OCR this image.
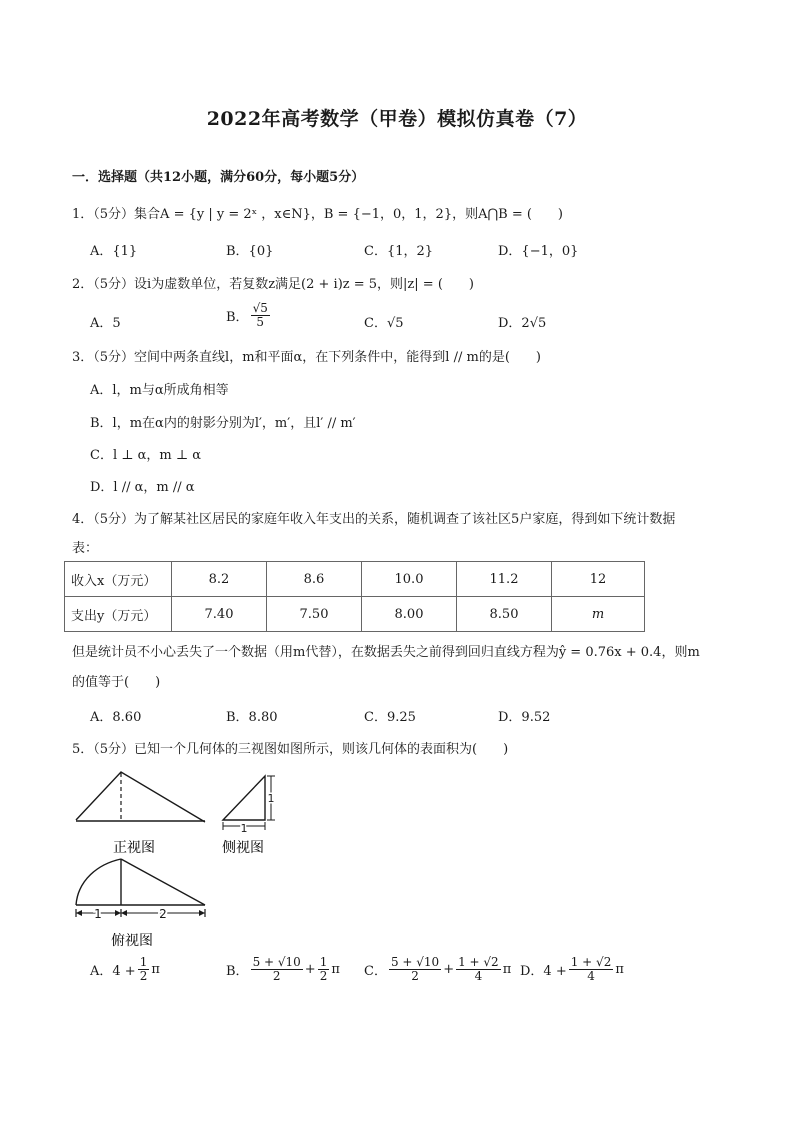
2022年高考数学（甲卷）模拟仿真卷（7）
一．选择题（共12小题，满分60分，每小题5分）
1．（5分）集合A = {y | y = 2ˣ ，x∈N}，B = {−1，0，1，2}，则A⋂B = (　　)
A．{1}	B．{0}	C．{1，2}	D．{−1，0}
2．（5分）设i为虚数单位，若复数z满足(2 + i)z = 5，则|z| = (　　)
A．5	B． $\frac{√5}{5}$	C．√5	D．2√5
3．（5分）空间中两条直线l，m和平面α，在下列条件中，能得到l // m的是(　　)
A．l，m与α所成角相等
B．l，m在α内的射影分别为l′，m′，且l′ // m′
C．l ⊥ α，m ⊥ α
D．l // α，m // α
4．（5分）为了解某社区居民的家庭年收入年支出的关系，随机调查了该社区5户家庭，得到如下统计数据
表：
收入x（万元）	8.2	8.6	10.0	11.2	12
支出y（万元）	7.40	7.50	8.00	8.50	m
但是统计员不小心丢失了一个数据（用m代替），在数据丢失之前得到回归直线方程为ŷ = 0.76x + 0.4，则m
的值等于(　　)
A．8.60	B．8.80	C．9.25	D．9.52
5．（5分）已知一个几何体的三视图如图所示，则该几何体的表面积为(　　)
正视图
1
1
侧视图
1	2
俯视图
A．$4 + \frac{1}{2}$ π	B． $\frac{5 + √10}{2} + \frac{1}{2}$ π C． $\frac{5 + √10}{2} + \frac{1 + √2}{4}$ π D．$4 + \frac{1 + √2}{4}$ π
